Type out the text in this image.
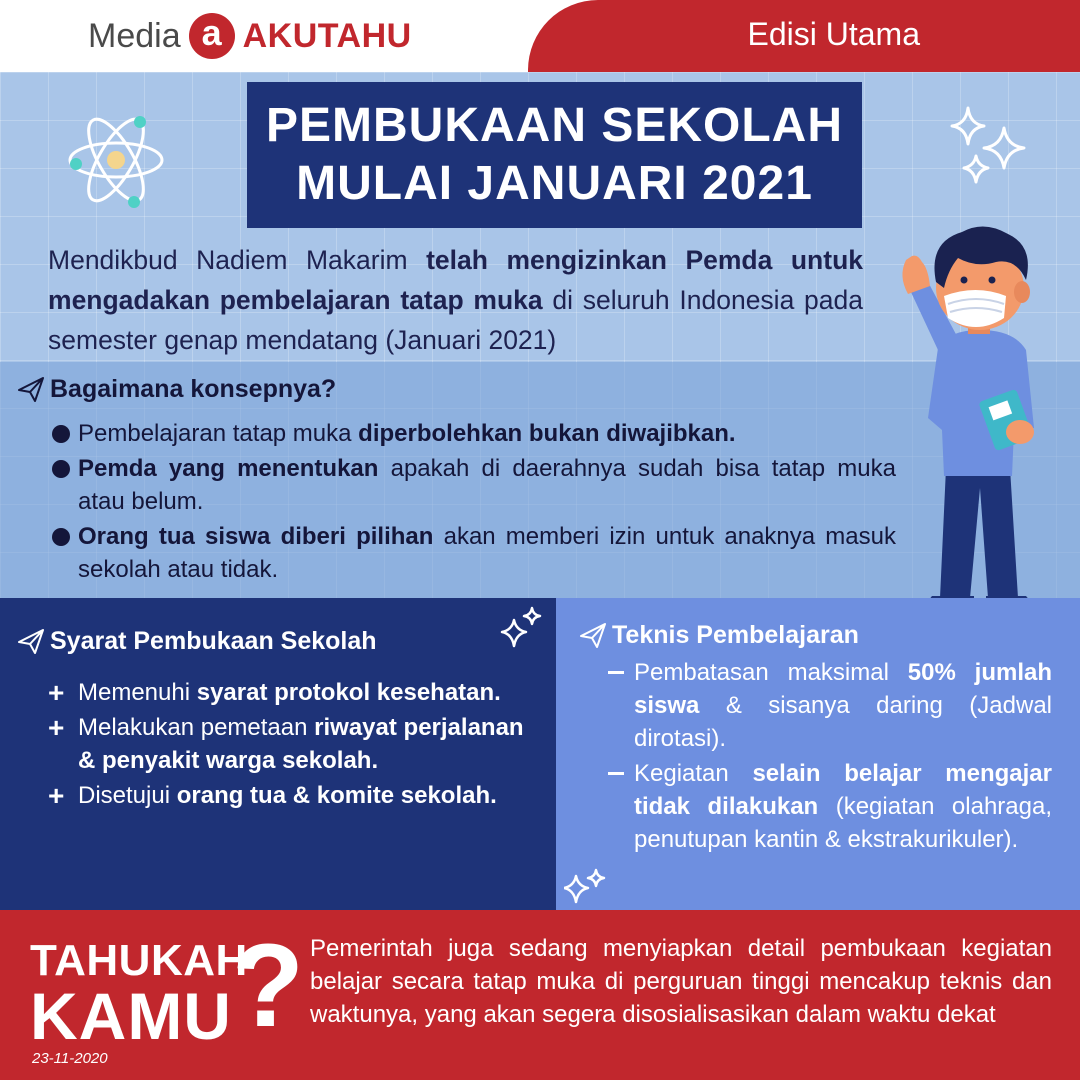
Media a AKUTAHU	Edisi Utama
PEMBUKAAN SEKOLAH
MULAI JANUARI 2021

Mendikbud Nadiem Makarim telah mengizinkan Pemda untuk mengadakan pembelajaran tatap muka di seluruh Indonesia pada semester genap mendatang (Januari 2021)

Bagaimana konsepnya?
Pembelajaran tatap muka diperbolehkan bukan diwajibkan.
Pemda yang menentukan apakah di daerahnya sudah bisa tatap muka atau belum.
Orang tua siswa diberi pilihan akan memberi izin untuk anaknya masuk sekolah atau tidak.
Syarat Pembukaan Sekolah
+ Memenuhi syarat protokol kesehatan.
+ Melakukan pemetaan riwayat perjalanan & penyakit warga sekolah.
+ Disetujui orang tua & komite sekolah.
Teknis Pembelajaran
Pembatasan maksimal 50% jumlah siswa & sisanya daring (Jadwal dirotasi).
Kegiatan selain belajar mengajar tidak dilakukan (kegiatan olahraga, penutupan kantin & ekstrakurikuler).
TAHUKAH
KAMU ?
23-11-2020

Pemerintah juga sedang menyiapkan detail pembukaan kegiatan belajar secara tatap muka di perguruan tinggi mencakup teknis dan waktunya, yang akan segera disosialisasikan dalam waktu dekat
